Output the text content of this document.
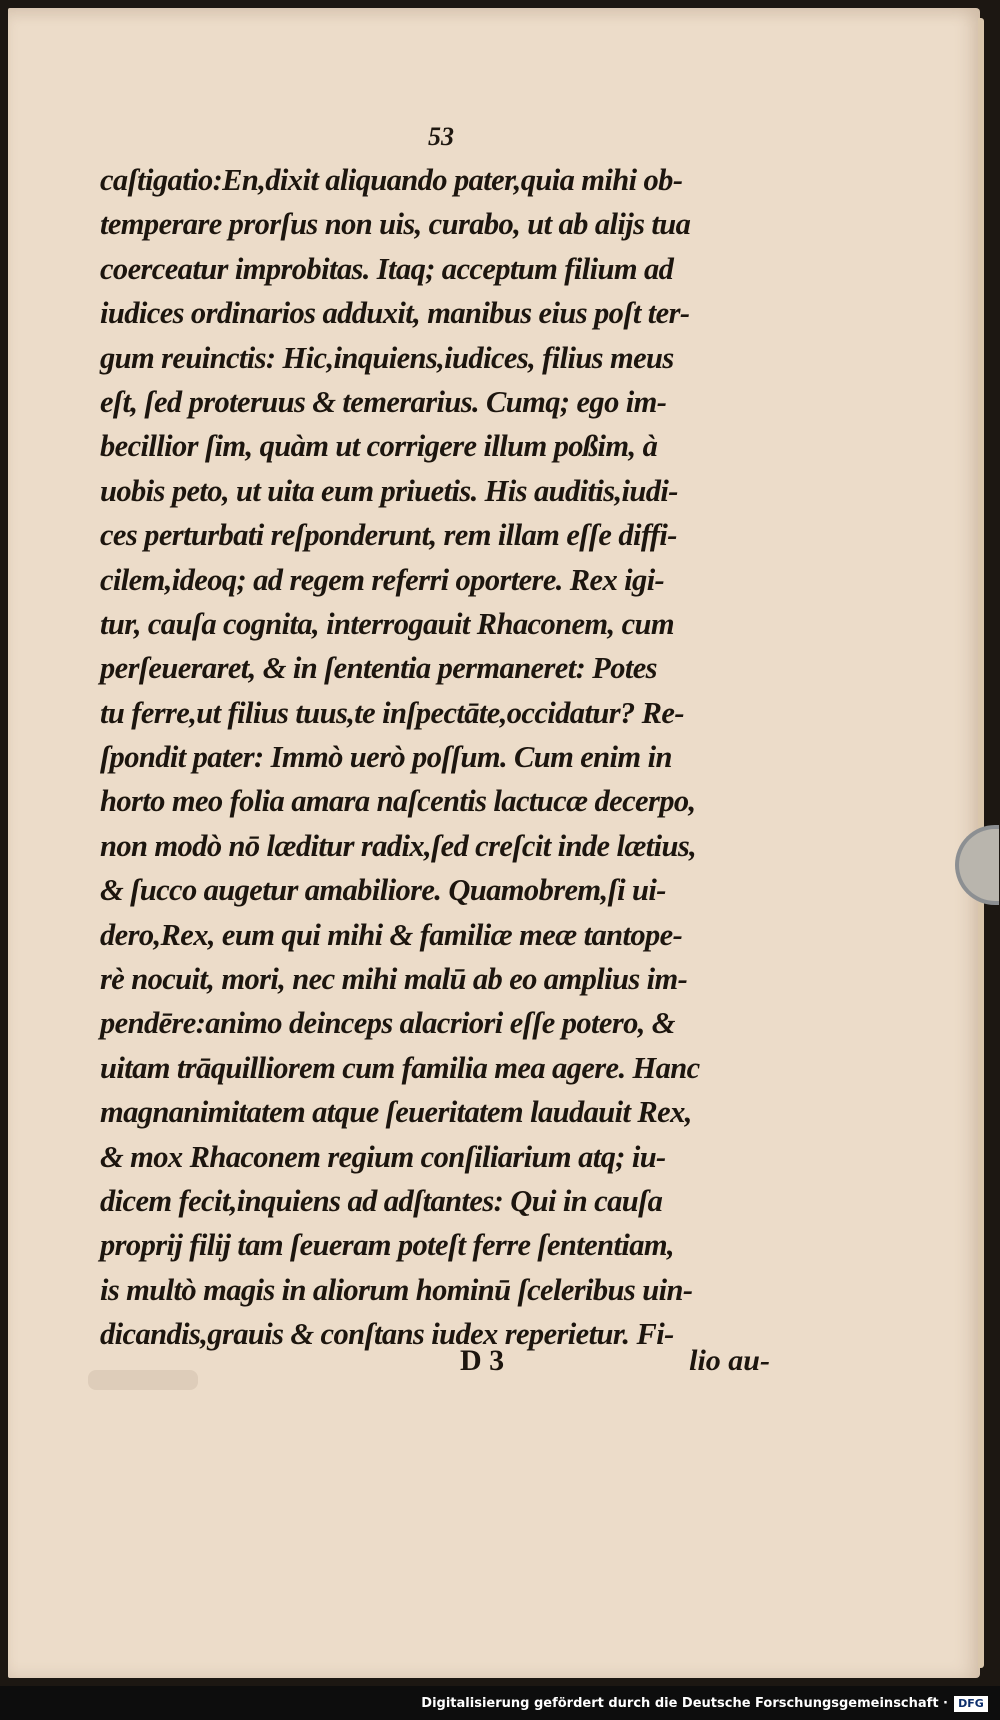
53
caſtigatio:En,dixit aliquando pater,quia mihi ob-
temperare prorſus non uis, curabo, ut ab alijs tua
coerceatur improbitas. Itaq; acceptum filium ad
iudices ordinarios adduxit, manibus eius poſt ter-
gum reuinctis: Hic,inquiens,iudices, filius meus
eſt, ſed proteruus & temerarius. Cumq; ego im-
becillior ſim, quàm ut corrigere illum poßim, à
uobis peto, ut uita eum priuetis. His auditis,iudi-
ces perturbati reſponderunt, rem illam eſſe diffi-
cilem,ideoq; ad regem referri oportere. Rex igi-
tur, cauſa cognita, interrogauit Rhaconem, cum
perſeueraret, & in ſententia permaneret: Potes
tu ferre,ut filius tuus,te inſpectāte,occidatur? Re-
ſpondit pater: Immò uerò poſſum. Cum enim in
horto meo folia amara naſcentis lactucæ decerpo,
non modò nō læditur radix,ſed creſcit inde lætius,
& ſucco augetur amabiliore. Quamobrem,ſi ui-
dero,Rex, eum qui mihi & familiæ meæ tantope-
rè nocuit, mori, nec mihi malū ab eo amplius im-
pendēre:animo deinceps alacriori eſſe potero, &
uitam trāquilliorem cum familia mea agere. Hanc
magnanimitatem atque ſeueritatem laudauit Rex,
& mox Rhaconem regium conſiliarium atq; iu-
dicem fecit,inquiens ad adſtantes: Qui in cauſa
proprij filij tam ſeueram poteſt ferre ſententiam,
is multò magis in aliorum hominū ſceleribus uin-
dicandis,grauis & conſtans iudex reperietur. Fi-
D 3	lio au-
Digitalisierung gefördert durch die Deutsche Forschungsgemeinschaft · DFG
